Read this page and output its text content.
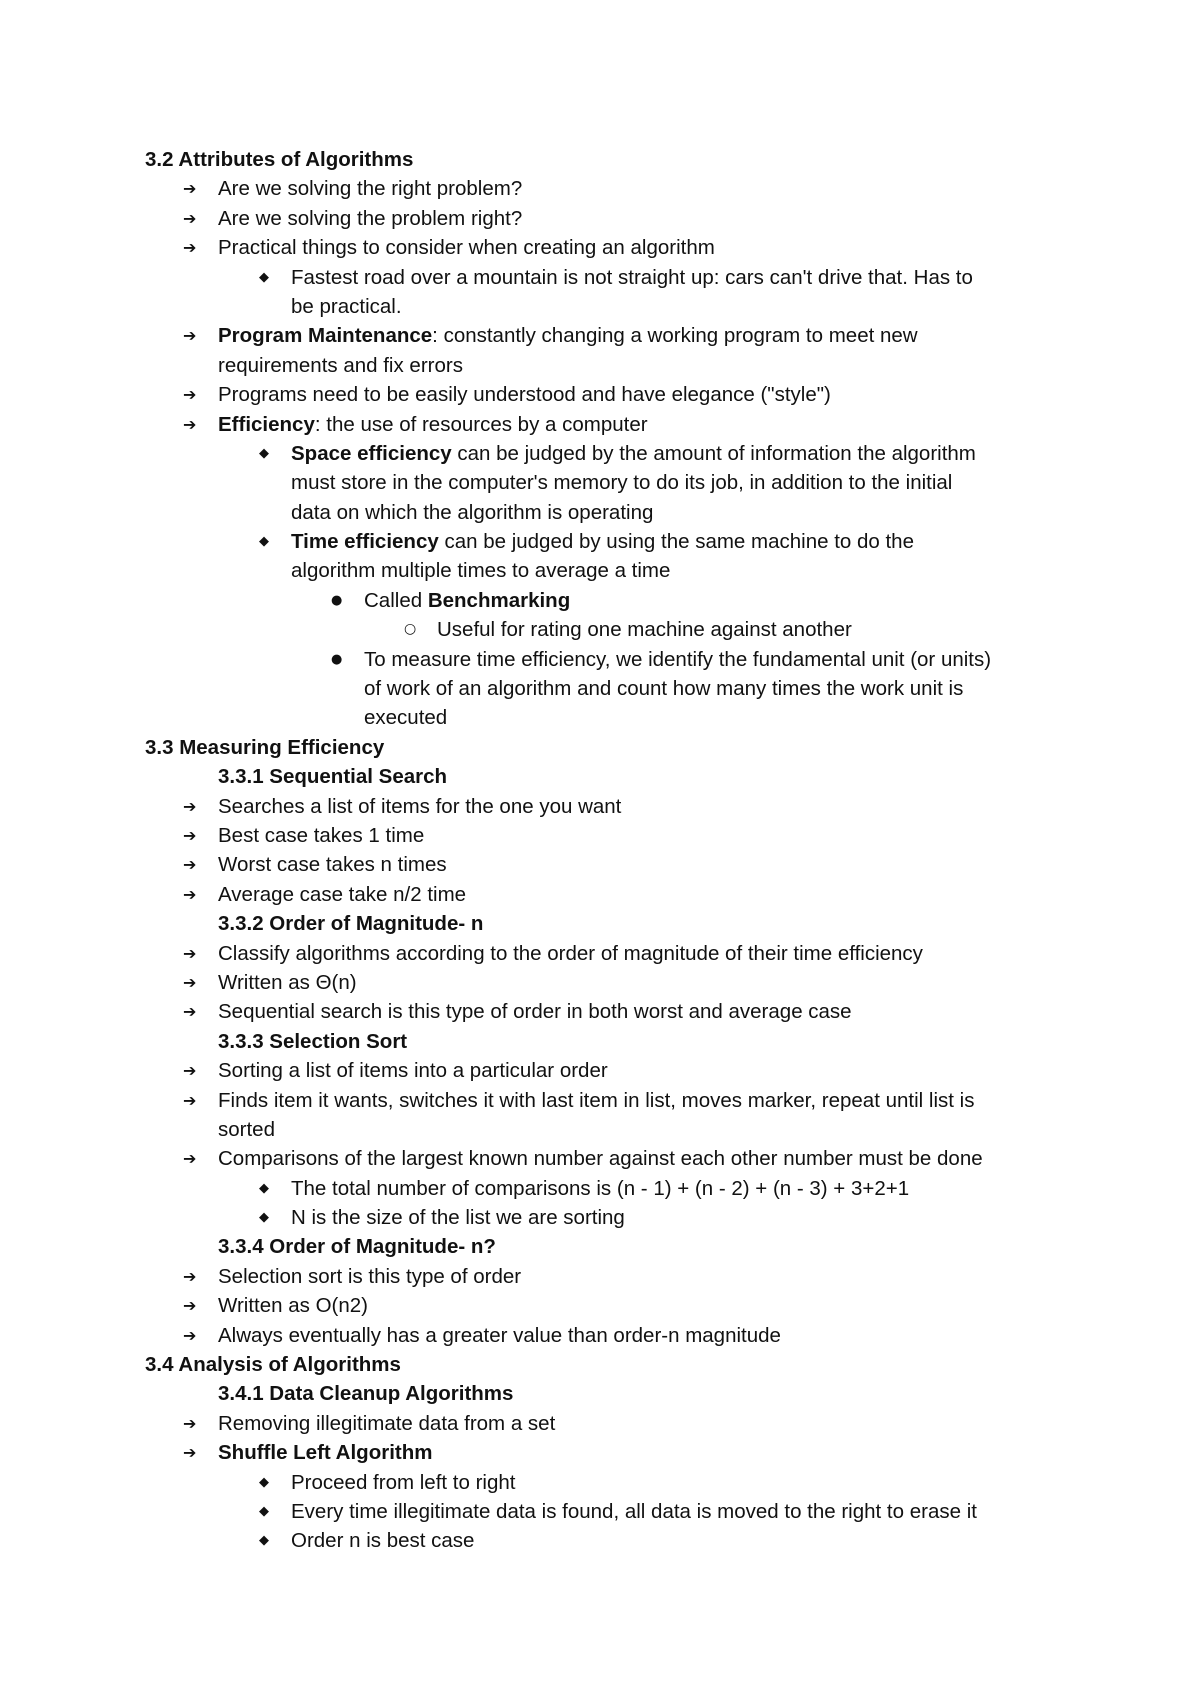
3.2 Attributes of Algorithms
➔	Are we solving the right problem?
➔	Are we solving the problem right?
➔	Practical things to consider when creating an algorithm
◆	Fastest road over a mountain is not straight up: cars can't drive that. Has to
be practical.
➔	Program Maintenance: constantly changing a working program to meet new
requirements and fix errors
➔	Programs need to be easily understood and have elegance ("style")
➔	Efficiency: the use of resources by a computer
◆	Space efficiency can be judged by the amount of information the algorithm
must store in the computer's memory to do its job, in addition to the initial
data on which the algorithm is operating
◆	Time efficiency can be judged by using the same machine to do the
algorithm multiple times to average a time
●	Called Benchmarking
○	Useful for rating one machine against another
●	To measure time efficiency, we identify the fundamental unit (or units)
of work of an algorithm and count how many times the work unit is
executed
3.3 Measuring Efficiency
3.3.1 Sequential Search
➔	Searches a list of items for the one you want
➔	Best case takes 1 time
➔	Worst case takes n times
➔	Average case take n/2 time
3.3.2 Order of Magnitude- n
➔	Classify algorithms according to the order of magnitude of their time efficiency
➔	Written as Θ(n)
➔	Sequential search is this type of order in both worst and average case
3.3.3 Selection Sort
➔	Sorting a list of items into a particular order
➔	Finds item it wants, switches it with last item in list, moves marker, repeat until list is
sorted
➔	Comparisons of the largest known number against each other number must be done
◆	The total number of comparisons is (n - 1) + (n - 2) + (n - 3) + 3+2+1
◆	N is the size of the list we are sorting
3.3.4 Order of Magnitude- n?
➔	Selection sort is this type of order
➔	Written as O(n2)
➔	Always eventually has a greater value than order-n magnitude
3.4 Analysis of Algorithms
3.4.1 Data Cleanup Algorithms
➔	Removing illegitimate data from a set
➔	Shuffle Left Algorithm
◆	Proceed from left to right
◆	Every time illegitimate data is found, all data is moved to the right to erase it
◆	Order n is best case
